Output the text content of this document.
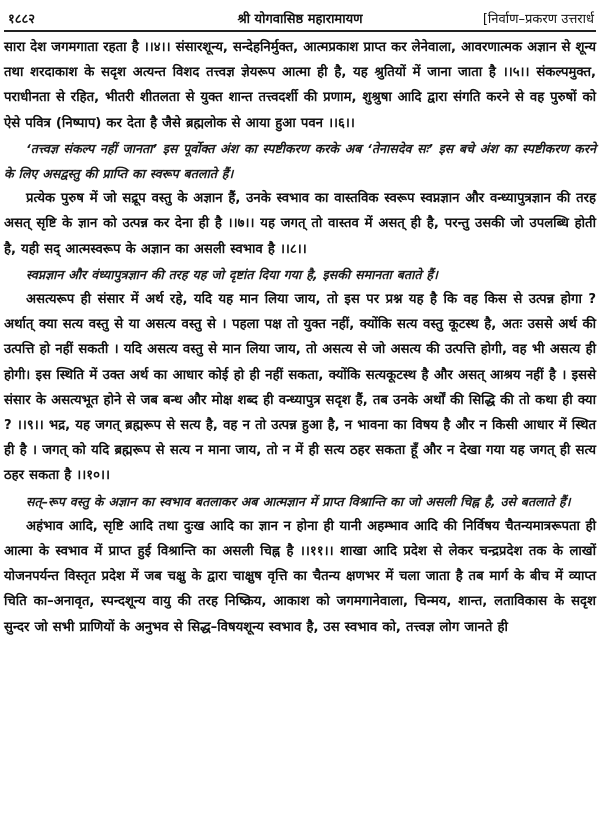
१८८२	श्री योगवासिष्ठ महारामायण	[निर्वाण–प्रकरण उत्तरार्ध

सारा देश जगमगाता रहता है ।।४।। संसारशून्य, सन्देहनिर्मुक्त, आत्मप्रकाश प्राप्त कर लेनेवाला, आवरणात्मक अज्ञान से शून्य तथा शरदाकाश के सदृश अत्यन्त विशद तत्त्वज्ञ ज्ञेयरूप आत्मा ही है, यह श्रुतियों में जाना जाता है ।।५।। संकल्पमुक्त, पराधीनता से रहित, भीतरी शीतलता से युक्त शान्त तत्त्वदर्शी की प्रणाम, शुश्रुषा आदि द्वारा संगति करने से वह पुरुषों को ऐसे पवित्र (निष्पाप) कर देता है जैसे ब्रह्मलोक से आया हुआ पवन ।।६।।

‘तत्त्वज्ञ संकल्प नहीं जानता’ इस पूर्वोक्त अंश का स्पष्टीकरण करके अब ‘तेनासदेव सः’ इस बचे अंश का स्पष्टीकरण करने के लिए असद्वस्तु की प्राप्ति का स्वरूप बतलाते हैं।

प्रत्येक पुरुष में जो सद्रूप वस्तु के अज्ञान हैं, उनके स्वभाव का वास्तविक स्वरूप स्वप्नज्ञान और वन्ध्यापुत्रज्ञान की तरह असत् सृष्टि के ज्ञान को उत्पन्न कर देना ही है ।।७।। यह जगत् तो वास्तव में असत् ही है, परन्तु उसकी जो उपलब्धि होती है, यही सद् आत्मस्वरूप के अज्ञान का असली स्वभाव है ।।८।।

स्वप्नज्ञान और वंध्यापुत्रज्ञान की तरह यह जो दृष्टांत दिया गया है, इसकी समानता बताते हैं।

असत्यरूप ही संसार में अर्थ रहे, यदि यह मान लिया जाय, तो इस पर प्रश्न यह है कि वह किस से उत्पन्न होगा ? अर्थात् क्या सत्य वस्तु से या असत्य वस्तु से । पहला पक्ष तो युक्त नहीं, क्योंकि सत्य वस्तु कूटस्थ है, अतः उससे अर्थ की उत्पत्ति हो नहीं सकती । यदि असत्य वस्तु से मान लिया जाय, तो असत्य से जो असत्य की उत्पत्ति होगी, वह भी असत्य ही होगी। इस स्थिति में उक्त अर्थ का आधार कोई हो ही नहीं सकता, क्योंकि सत्यकूटस्थ है और असत् आश्रय नहीं है । इससे संसार के असत्यभूत होने से जब बन्ध और मोक्ष शब्द ही वन्ध्यापुत्र सदृश हैं, तब उनके अर्थों की सिद्धि की तो कथा ही क्या ? ।।९।। भद्र, यह जगत् ब्रह्मरूप से सत्य है, वह न तो उत्पन्न हुआ है, न भावना का विषय है और न किसी आधार में स्थित ही है । जगत् को यदि ब्रह्मरूप से सत्य न माना जाय, तो न में ही सत्य ठहर सकता हूँ और न देखा गया यह जगत् ही सत्य ठहर सकता है ।।१०।।

सत्–रूप वस्तु के अज्ञान का स्वभाव बतलाकर अब आत्मज्ञान में प्राप्त विश्रान्ति का जो असली चिह्न है, उसे बतलाते हैं।

अहंभाव आदि, सृष्टि आदि तथा दुःख आदि का ज्ञान न होना ही यानी अहम्भाव आदि की निर्विषय चैतन्यमात्ररूपता ही आत्मा के स्वभाव में प्राप्त हुई विश्रान्ति का असली चिह्न है ।।११।। शाखा आदि प्रदेश से लेकर चन्द्रप्रदेश तक के लाखों योजनपर्यन्त विस्तृत प्रदेश में जब चक्षु के द्वारा चाक्षुष वृत्ति का चैतन्य क्षणभर में चला जाता है तब मार्ग के बीच में व्याप्त चिति का–अनावृत, स्पन्दशून्य वायु की तरह निष्क्रिय, आकाश को जगमगानेवाला, चिन्मय, शान्त, लताविकास के सदृश सुन्दर जो सभी प्राणियों के अनुभव से सिद्ध–विषयशून्य स्वभाव है, उस स्वभाव को, तत्त्वज्ञ लोग जानते ही
